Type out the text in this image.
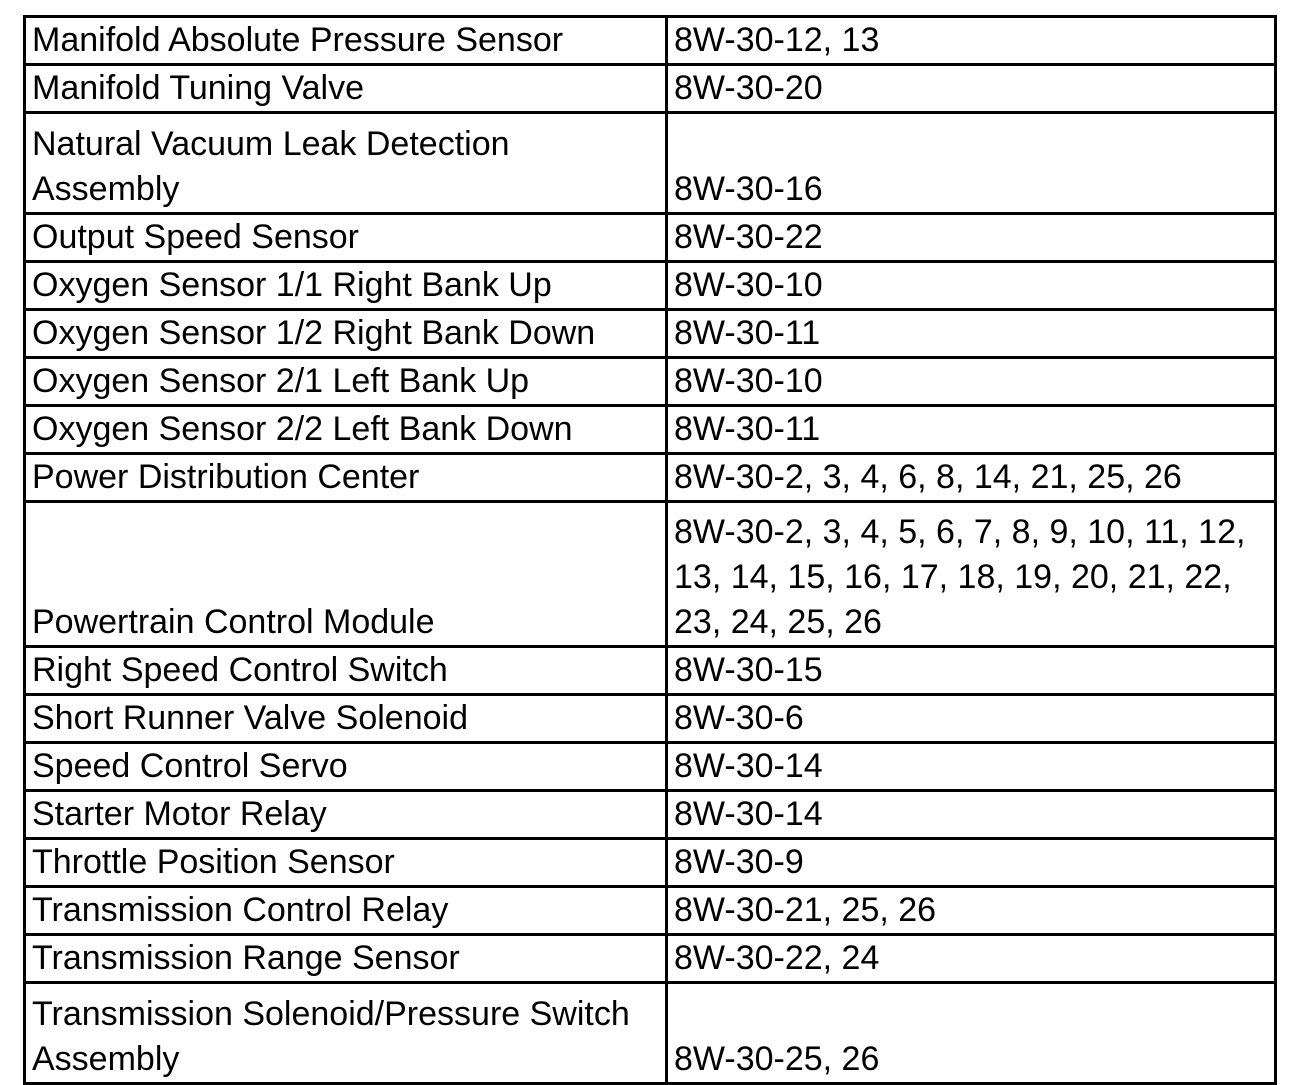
Manifold Absolute Pressure Sensor	8W-30-12, 13
Manifold Tuning Valve	8W-30-20
Natural Vacuum Leak Detection Assembly	8W-30-16
Output Speed Sensor	8W-30-22
Oxygen Sensor 1/1 Right Bank Up	8W-30-10
Oxygen Sensor 1/2 Right Bank Down	8W-30-11
Oxygen Sensor 2/1 Left Bank Up	8W-30-10
Oxygen Sensor 2/2 Left Bank Down	8W-30-11
Power Distribution Center	8W-30-2, 3, 4, 6, 8, 14, 21, 25, 26
Powertrain Control Module	8W-30-2, 3, 4, 5, 6, 7, 8, 9, 10, 11, 12, 13, 14, 15, 16, 17, 18, 19, 20, 21, 22, 23, 24, 25, 26
Right Speed Control Switch	8W-30-15
Short Runner Valve Solenoid	8W-30-6
Speed Control Servo	8W-30-14
Starter Motor Relay	8W-30-14
Throttle Position Sensor	8W-30-9
Transmission Control Relay	8W-30-21, 25, 26
Transmission Range Sensor	8W-30-22, 24
Transmission Solenoid/Pressure Switch Assembly	8W-30-25, 26
